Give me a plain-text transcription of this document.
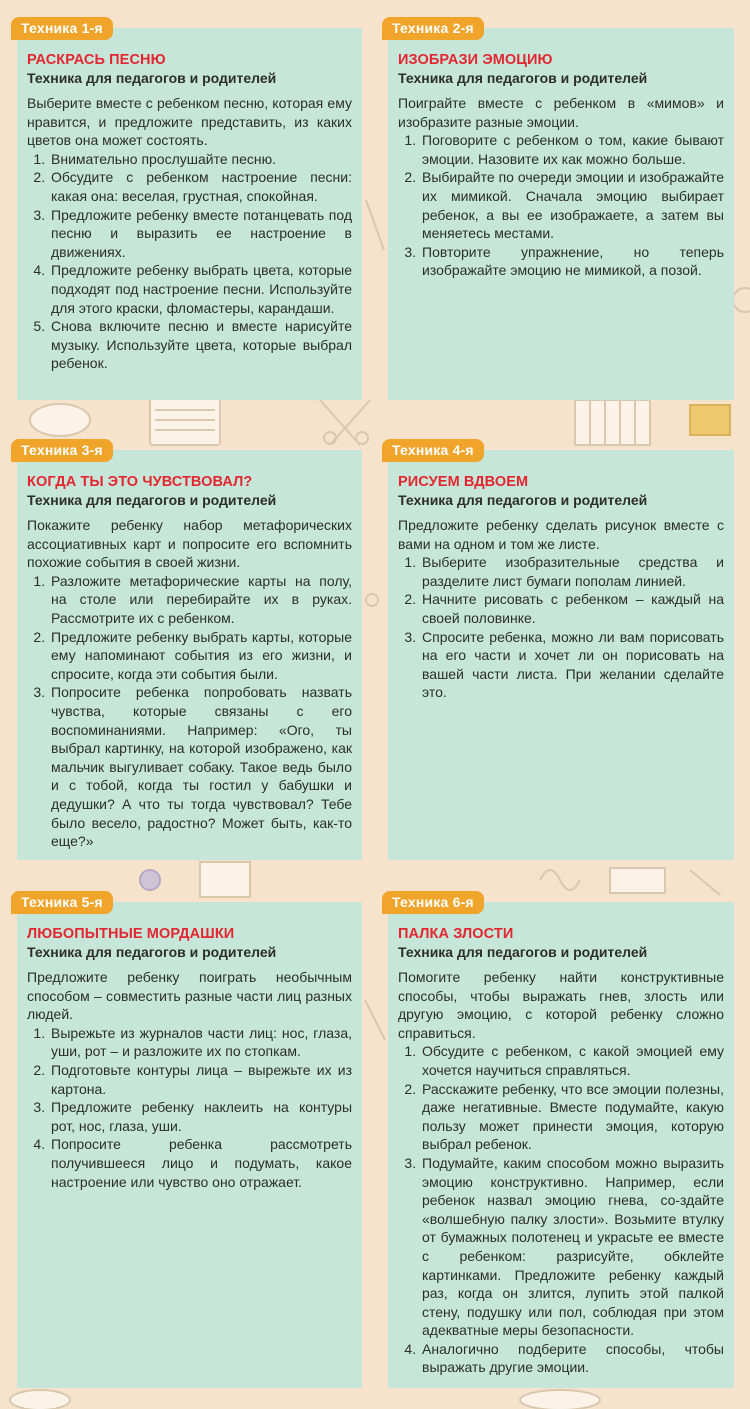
Техника 1-я
РАСКРАСЬ ПЕСНЮ
Техника для педагогов и родителей

Выберите вместе с ребенком песню, которая ему нравится, и предложите представить, из каких цветов она может состоять.

1. Внимательно прослушайте песню.
2. Обсудите с ребенком настроение песни: какая она: веселая, грустная, спокойная.
3. Предложите ребенку вместе потанцевать под песню и выразить ее настроение в движениях.
4. Предложите ребенку выбрать цвета, которые подходят под настроение песни. Используйте для этого краски, фломастеры, карандаши.
5. Снова включите песню и вместе нарисуйте музыку. Используйте цвета, которые выбрал ребенок.
Техника 2-я
ИЗОБРАЗИ ЭМОЦИЮ
Техника для педагогов и родителей

Поиграйте вместе с ребенком в «мимов» и изобразите разные эмоции.

1. Поговорите с ребенком о том, какие бывают эмоции. Назовите их как можно больше.
2. Выбирайте по очереди эмоции и изображайте их мимикой. Сначала эмоцию выбирает ребенок, а вы ее изображаете, а затем вы меняетесь местами.
3. Повторите упражнение, но теперь изображайте эмоцию не мимикой, а позой.
Техника 3-я
КОГДА ТЫ ЭТО ЧУВСТВОВАЛ?
Техника для педагогов и родителей

Покажите ребенку набор метафорических ассоциативных карт и попросите его вспомнить похожие события в своей жизни.

1. Разложите метафорические карты на полу, на столе или перебирайте их в руках. Рассмотрите их с ребенком.
2. Предложите ребенку выбрать карты, которые ему напоминают события из его жизни, и спросите, когда эти события были.
3. Попросите ребенка попробовать назвать чувства, которые связаны с его воспоминаниями. Например: «Ого, ты выбрал картинку, на которой изображено, как мальчик выгуливает собаку. Такое ведь было и с тобой, когда ты гостил у бабушки и дедушки? А что ты тогда чувствовал? Тебе было весело, радостно? Может быть, как-то еще?»
Техника 4-я
РИСУЕМ ВДВОЕМ
Техника для педагогов и родителей

Предложите ребенку сделать рисунок вместе с вами на одном и том же листе.

1. Выберите изобразительные средства и разделите лист бумаги пополам линией.
2. Начните рисовать с ребенком – каждый на своей половинке.
3. Спросите ребенка, можно ли вам порисовать на его части и хочет ли он порисовать на вашей части листа. При желании сделайте это.
Техника 5-я
ЛЮБОПЫТНЫЕ МОРДАШКИ
Техника для педагогов и родителей

Предложите ребенку поиграть необычным способом – совместить разные части лиц разных людей.

1. Вырежьте из журналов части лиц: нос, глаза, уши, рот – и разложите их по стопкам.
2. Подготовьте контуры лица – вырежьте их из картона.
3. Предложите ребенку наклеить на контуры рот, нос, глаза, уши.
4. Попросите ребенка рассмотреть получившееся лицо и подумать, какое настроение или чувство оно отражает.
Техника 6-я
ПАЛКА ЗЛОСТИ
Техника для педагогов и родителей

Помогите ребенку найти конструктивные способы, чтобы выражать гнев, злость или другую эмоцию, с которой ребенку сложно справиться.

1. Обсудите с ребенком, с какой эмоцией ему хочется научиться справляться.
2. Расскажите ребенку, что все эмоции полезны, даже негативные. Вместе подумайте, какую пользу может принести эмоция, которую выбрал ребенок.
3. Подумайте, каким способом можно выразить эмоцию конструктивно. Например, если ребенок назвал эмоцию гнева, со-здайте «волшебную палку злости». Возьмите втулку от бумажных полотенец и украсьте ее вместе с ребенком: разрисуйте, обклейте картинками. Предложите ребенку каждый раз, когда он злится, лупить этой палкой стену, подушку или пол, соблюдая при этом адекватные меры безопасности.
4. Аналогично подберите способы, чтобы выражать другие эмоции.
